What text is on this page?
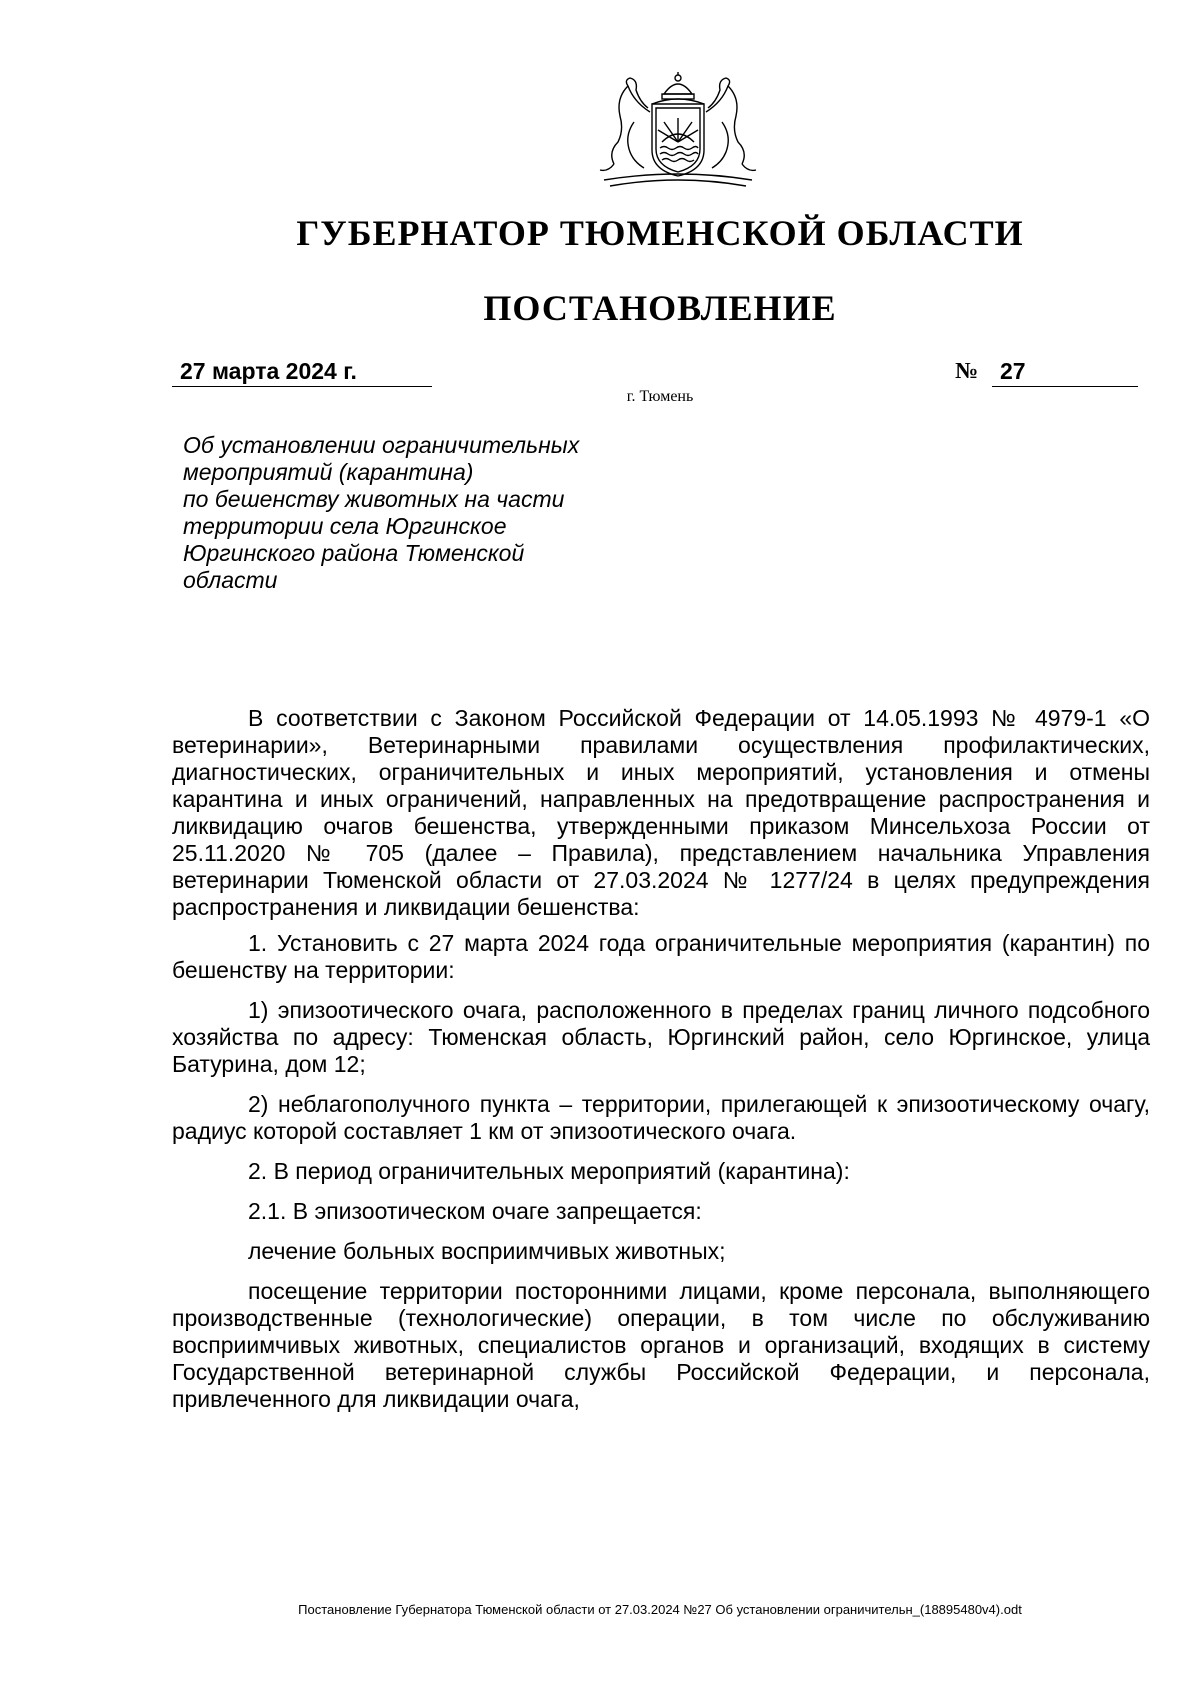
ГУБЕРНАТОР ТЮМЕНСКОЙ ОБЛАСТИ
ПОСТАНОВЛЕНИЕ
27 марта 2024 г.	№ 27
г. Тюмень
Об установлении ограничительных
мероприятий (карантина)
по бешенству животных на части
территории села Юргинское
Юргинского района Тюменской
области

В соответствии с Законом Российской Федерации от 14.05.1993 № 4979-1 «О ветеринарии», Ветеринарными правилами осуществления профилактических, диагностических, ограничительных и иных мероприятий, установления и отмены карантина и иных ограничений, направленных на предотвращение распространения и ликвидацию очагов бешенства, утвержденными приказом Минсельхоза России от 25.11.2020 № 705 (далее – Правила), представлением начальника Управления ветеринарии Тюменской области от 27.03.2024 № 1277/24 в целях предупреждения распространения и ликвидации бешенства:

1. Установить с 27 марта 2024 года ограничительные мероприятия (карантин) по бешенству на территории:

1) эпизоотического очага, расположенного в пределах границ личного подсобного хозяйства по адресу: Тюменская область, Юргинский район, село Юргинское, улица Батурина, дом 12;

2) неблагополучного пункта – территории, прилегающей к эпизоотическому очагу, радиус которой составляет 1 км от эпизоотического очага.

2. В период ограничительных мероприятий (карантина):

2.1. В эпизоотическом очаге запрещается:

лечение больных восприимчивых животных;

посещение территории посторонними лицами, кроме персонала, выполняющего производственные (технологические) операции, в том числе по обслуживанию восприимчивых животных, специалистов органов и организаций, входящих в систему Государственной ветеринарной службы Российской Федерации, и персонала, привлеченного для ликвидации очага,

Постановление Губернатора Тюменской области от 27.03.2024 №27 Об установлении ограничительн_(18895480v4).odt
